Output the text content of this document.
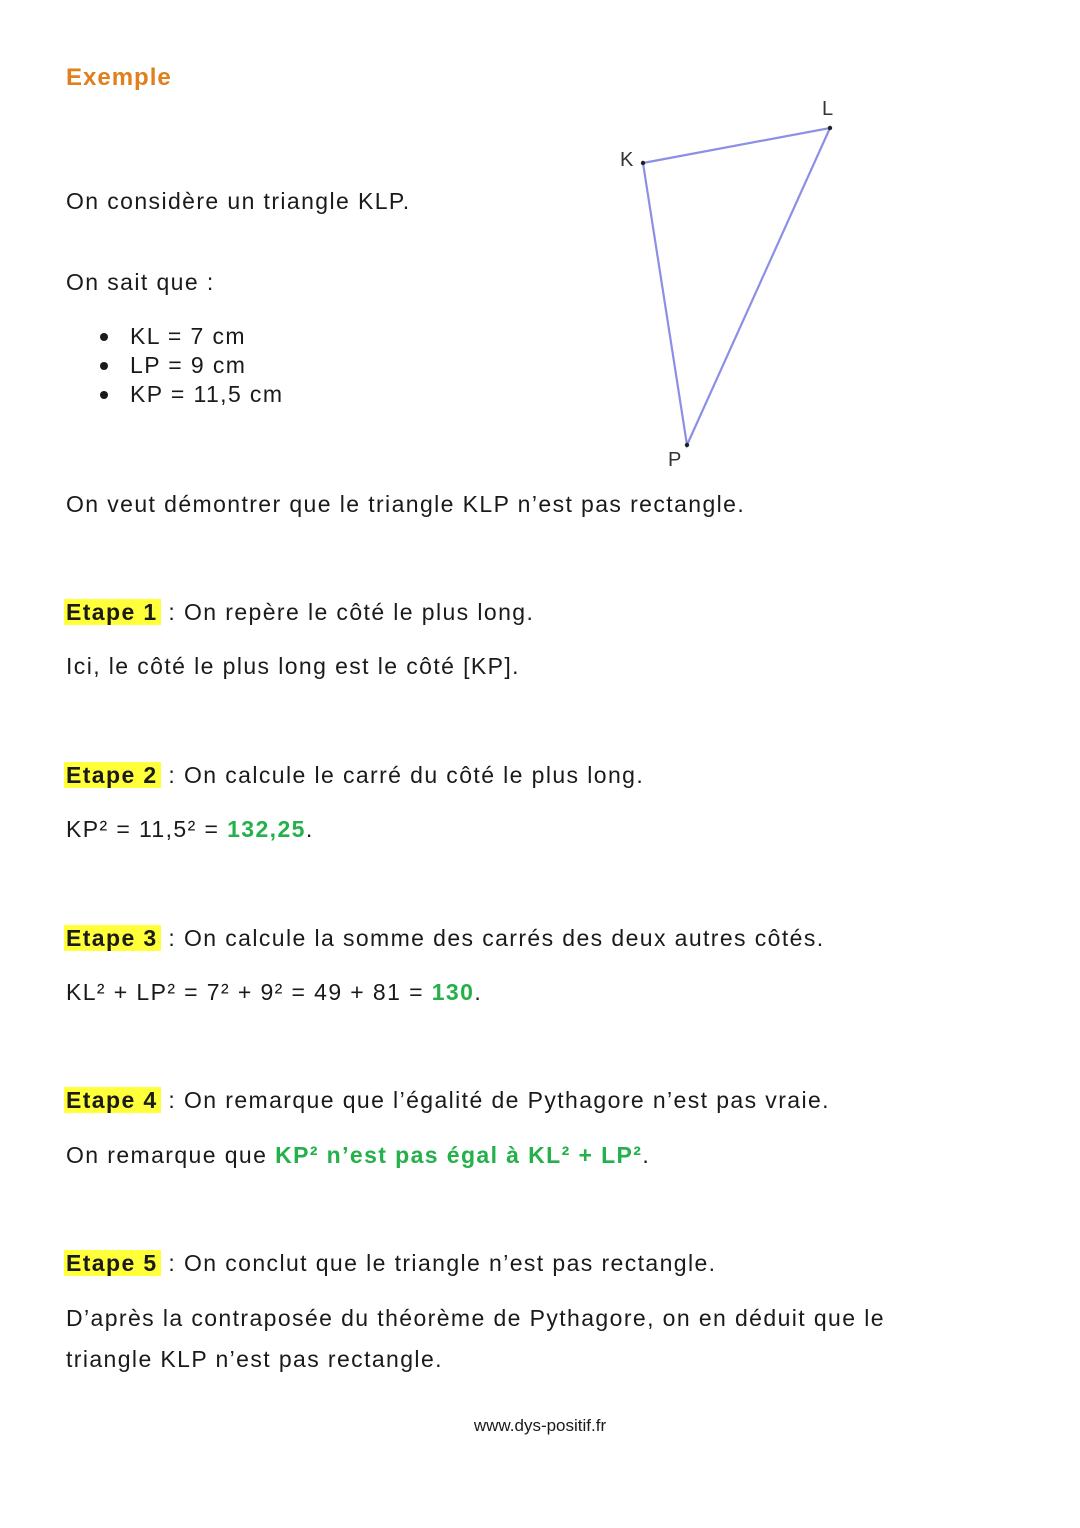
Exemple
K
L
P
On considère un triangle KLP.
On sait que :
KL = 7 cm
LP = 9 cm
KP = 11,5 cm
On veut démontrer que le triangle KLP n’est pas rectangle.
Etape 1 : On repère le côté le plus long.
Ici, le côté le plus long est le côté [KP].
Etape 2 : On calcule le carré du côté le plus long.
KP² = 11,5² = 132,25.
Etape 3 : On calcule la somme des carrés des deux autres côtés.
KL² + LP² = 7² + 9² = 49 + 81 = 130.
Etape 4 : On remarque que l’égalité de Pythagore n’est pas vraie.
On remarque que KP² n’est pas égal à KL² + LP².
Etape 5 : On conclut que le triangle n’est pas rectangle.
D’après la contraposée du théorème de Pythagore, on en déduit que le
triangle KLP n’est pas rectangle.
www.dys-positif.fr
